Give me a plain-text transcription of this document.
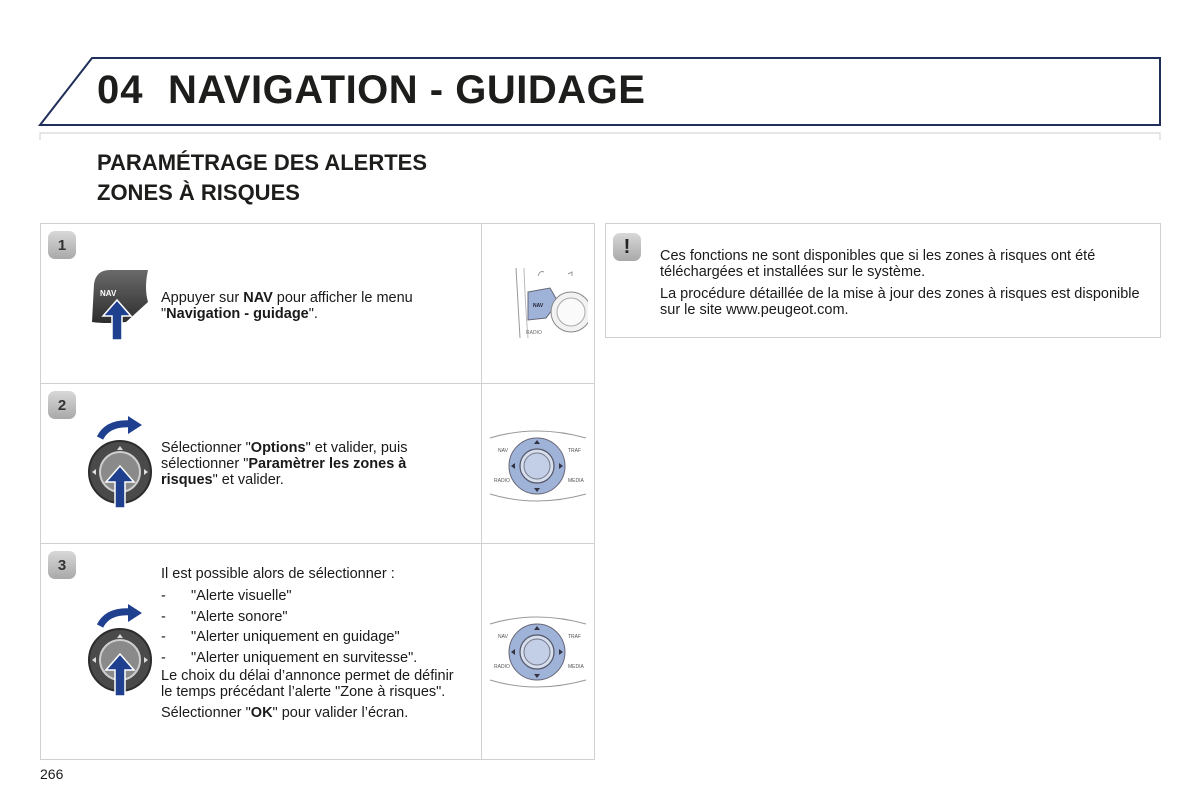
04 NAVIGATION - GUIDAGE
PARAMÉTRAGE DES ALERTES
ZONES À RISQUES
1
NAV	Appuyer sur NAV pour afficher le menu "Navigation - guidage".	NAV
RADIO
2

Sélectionner "Options" et valider, puis sélectionner "Paramètrer les zones à risques" et valider.

NAV	TRAF
RADIO	MEDIA
3

Il est possible alors de sélectionner :

- "Alerte visuelle"
- "Alerte sonore"
- "Alerter uniquement en guidage"
- "Alerter uniquement en survitesse".

Le choix du délai d’annonce permet de définir le temps précédant l’alerte "Zone à risques".

Sélectionner "OK" pour valider l’écran.

NAV	TRAF
RADIO	MEDIA
!	Ces fonctions ne sont disponibles que si les zones à risques ont été téléchargées et installées sur le système.

La procédure détaillée de la mise à jour des zones à risques est disponible sur le site www.peugeot.com.

266
